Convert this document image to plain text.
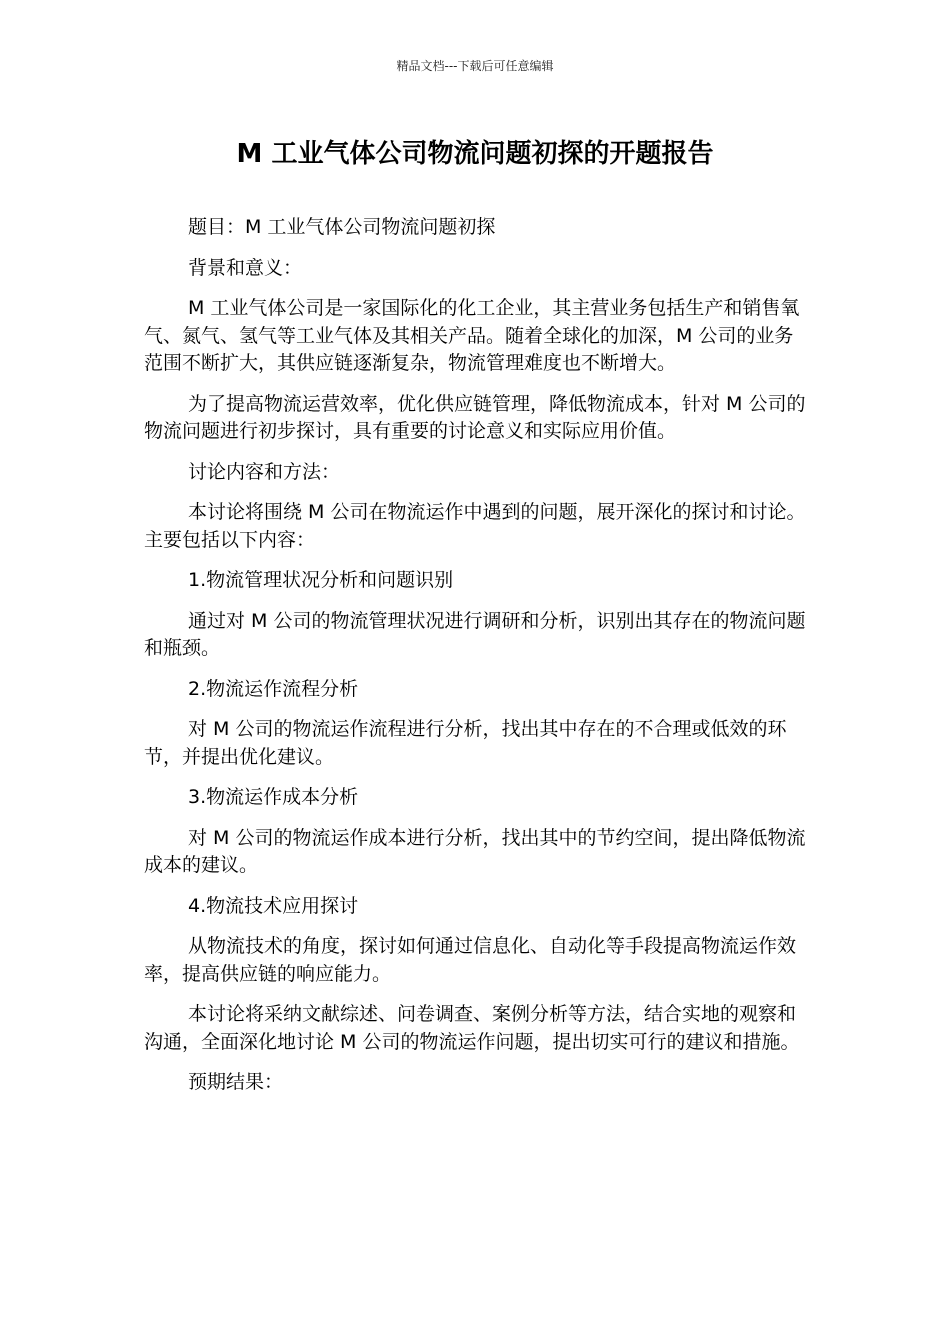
精品文档---下载后可任意编辑
M 工业气体公司物流问题初探的开题报告

题目：M 工业气体公司物流问题初探

背景和意义：

M 工业气体公司是一家国际化的化工企业，其主营业务包括生产和销售氧气、氮气、氢气等工业气体及其相关产品。随着全球化的加深，M 公司的业务范围不断扩大，其供应链逐渐复杂，物流管理难度也不断增大。

为了提高物流运营效率，优化供应链管理，降低物流成本，针对 M 公司的物流问题进行初步探讨，具有重要的讨论意义和实际应用价值。

讨论内容和方法：

本讨论将围绕 M 公司在物流运作中遇到的问题，展开深化的探讨和讨论。主要包括以下内容：

1.物流管理状况分析和问题识别

通过对 M 公司的物流管理状况进行调研和分析，识别出其存在的物流问题和瓶颈。

2.物流运作流程分析

对 M 公司的物流运作流程进行分析，找出其中存在的不合理或低效的环节，并提出优化建议。

3.物流运作成本分析

对 M 公司的物流运作成本进行分析，找出其中的节约空间，提出降低物流成本的建议。

4.物流技术应用探讨

从物流技术的角度，探讨如何通过信息化、自动化等手段提高物流运作效率，提高供应链的响应能力。

本讨论将采纳文献综述、问卷调查、案例分析等方法，结合实地的观察和沟通，全面深化地讨论 M 公司的物流运作问题，提出切实可行的建议和措施。

预期结果：
